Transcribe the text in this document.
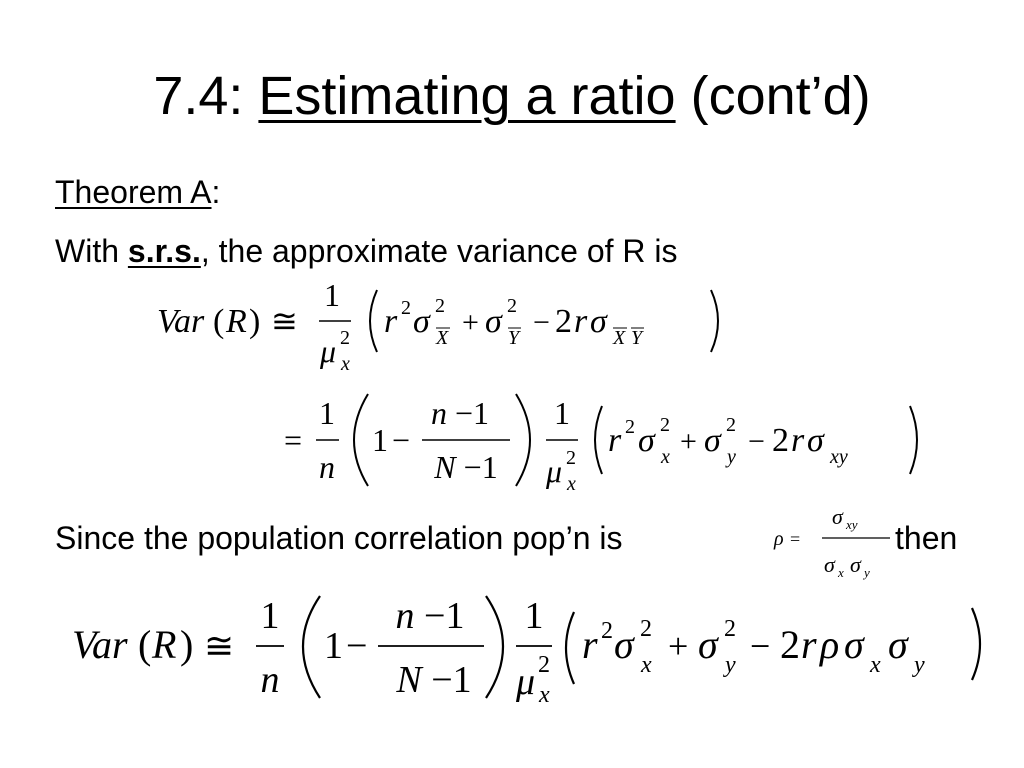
7.4: Estimating a ratio (cont’d)
Theorem A:
With s.r.s., the approximate variance of R is
Var ( R ) ≅
1
μ 2
x
r 2 σ 2
X + σ 2
Y − 2 r σ X Y
=
1
n
1 −
n −1
N −1
1
μ 2
x
r 2 σ 2
x + σ 2
y − 2 r σ xy
Since the population correlation pop’n is	ρ =
σ xy
σ x σ y
then
Var ( R ) ≅
1
n
1 −
n −1
N −1
1
μ 2
x
r 2 σ 2
x + σ 2
y − 2 r ρ σ x σ y
